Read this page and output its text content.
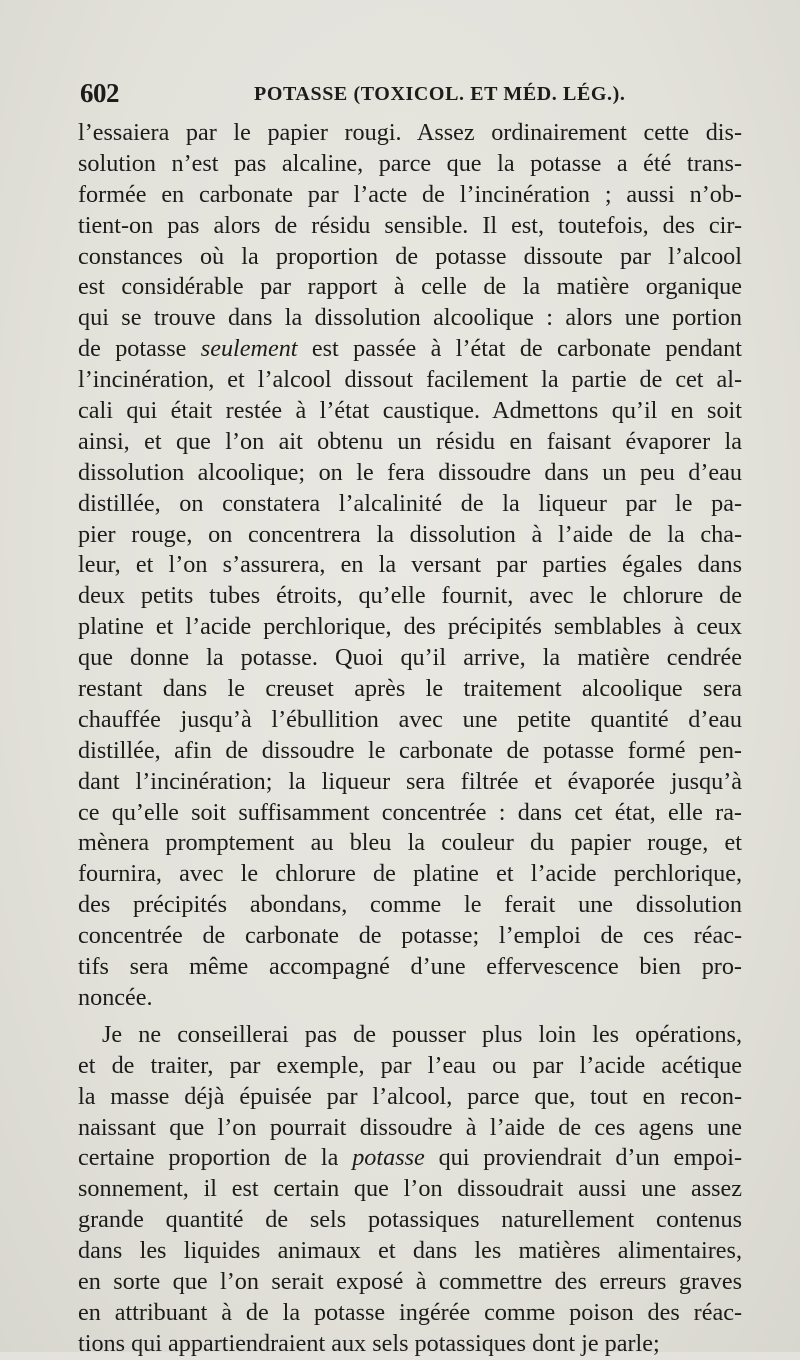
602	POTASSE (TOXICOL. ET MÉD. LÉG.).
l’essaiera par le papier rougi. Assez ordinairement cette dis-
solution n’est pas alcaline, parce que la potasse a été trans-
formée en carbonate par l’acte de l’incinération ; aussi n’ob-
tient-on pas alors de résidu sensible. Il est, toutefois, des cir-
constances où la proportion de potasse dissoute par l’alcool
est considérable par rapport à celle de la matière organique
qui se trouve dans la dissolution alcoolique : alors une portion
de potasse seulement est passée à l’état de carbonate pendant
l’incinération, et l’alcool dissout facilement la partie de cet al-
cali qui était restée à l’état caustique. Admettons qu’il en soit
ainsi, et que l’on ait obtenu un résidu en faisant évaporer la
dissolution alcoolique; on le fera dissoudre dans un peu d’eau
distillée, on constatera l’alcalinité de la liqueur par le pa-
pier rouge, on concentrera la dissolution à l’aide de la cha-
leur, et l’on s’assurera, en la versant par parties égales dans
deux petits tubes étroits, qu’elle fournit, avec le chlorure de
platine et l’acide perchlorique, des précipités semblables à ceux
que donne la potasse. Quoi qu’il arrive, la matière cendrée
restant dans le creuset après le traitement alcoolique sera
chauffée jusqu’à l’ébullition avec une petite quantité d’eau
distillée, afin de dissoudre le carbonate de potasse formé pen-
dant l’incinération; la liqueur sera filtrée et évaporée jusqu’à
ce qu’elle soit suffisamment concentrée : dans cet état, elle ra-
mènera promptement au bleu la couleur du papier rouge, et
fournira, avec le chlorure de platine et l’acide perchlorique,
des précipités abondans, comme le ferait une dissolution
concentrée de carbonate de potasse; l’emploi de ces réac-
tifs sera même accompagné d’une effervescence bien pro-
noncée.
Je ne conseillerai pas de pousser plus loin les opérations,
et de traiter, par exemple, par l’eau ou par l’acide acétique
la masse déjà épuisée par l’alcool, parce que, tout en recon-
naissant que l’on pourrait dissoudre à l’aide de ces agens une
certaine proportion de la potasse qui proviendrait d’un empoi-
sonnement, il est certain que l’on dissoudrait aussi une assez
grande quantité de sels potassiques naturellement contenus
dans les liquides animaux et dans les matières alimentaires,
en sorte que l’on serait exposé à commettre des erreurs graves
en attribuant à de la potasse ingérée comme poison des réac-
tions qui appartiendraient aux sels potassiques dont je parle;
